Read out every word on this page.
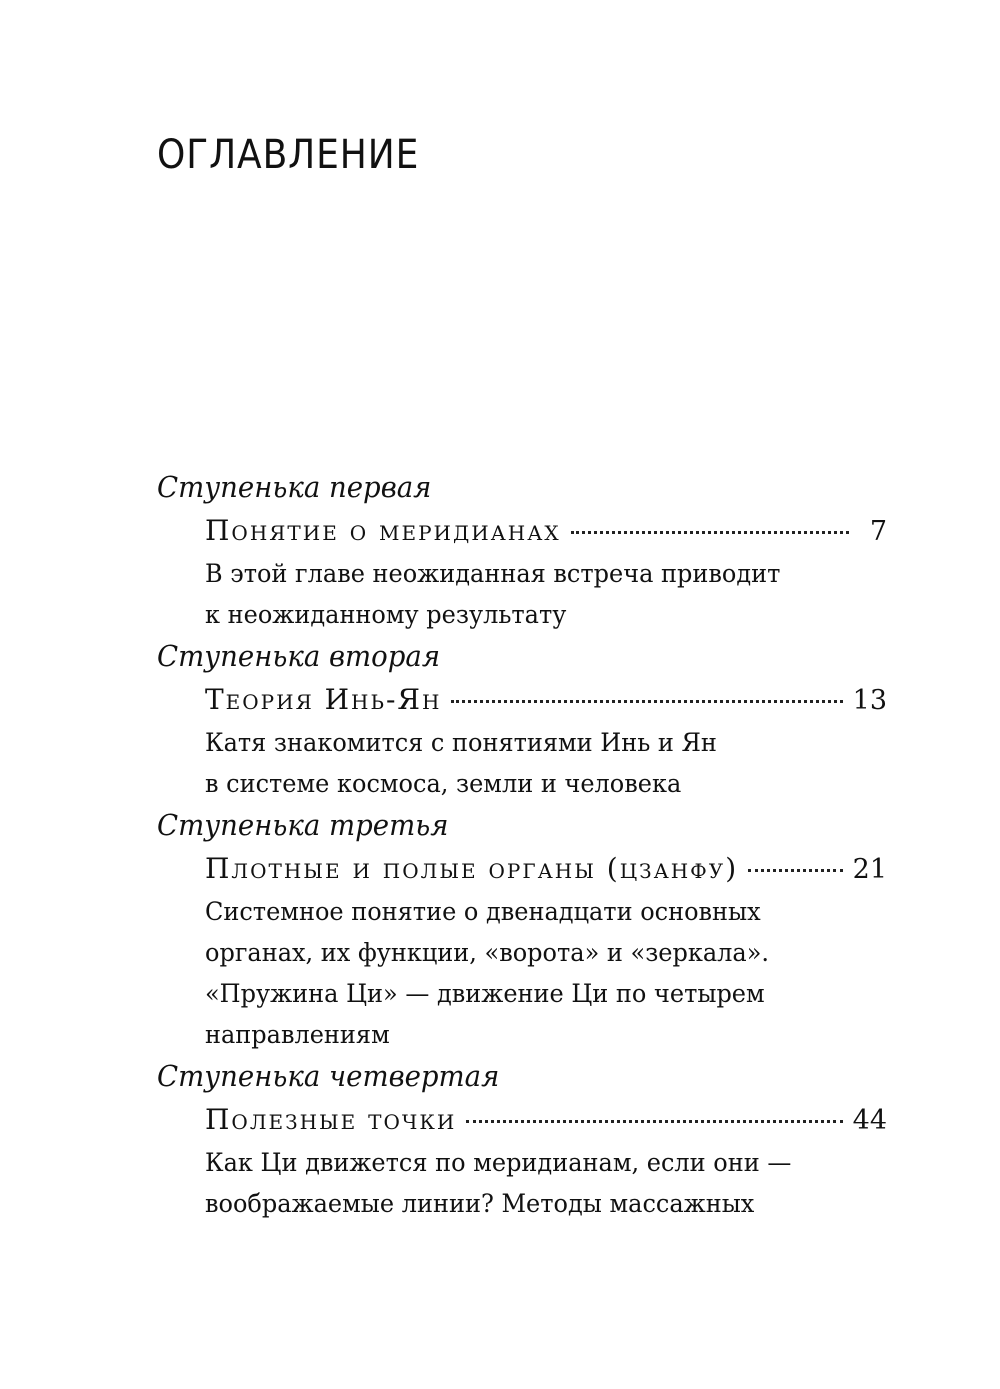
ОГЛАВЛЕНИЕ
Ступенька первая
Понятие о меридианах	7
В этой главе неожиданная встреча приводит
к неожиданному результату
Ступенька вторая
Теория Инь-Ян	13
Катя знакомится с понятиями Инь и Ян
в системе космоса, земли и человека
Ступенька третья
Плотные и полые органы (цзанфу)	21
Системное понятие о двенадцати основных
органах, их функции, «ворота» и «зеркала».
«Пружина Ци» — движение Ци по четырем
направлениям
Ступенька четвертая
Полезные точки	44
Как Ци движется по меридианам, если они —
воображаемые линии? Методы массажных
